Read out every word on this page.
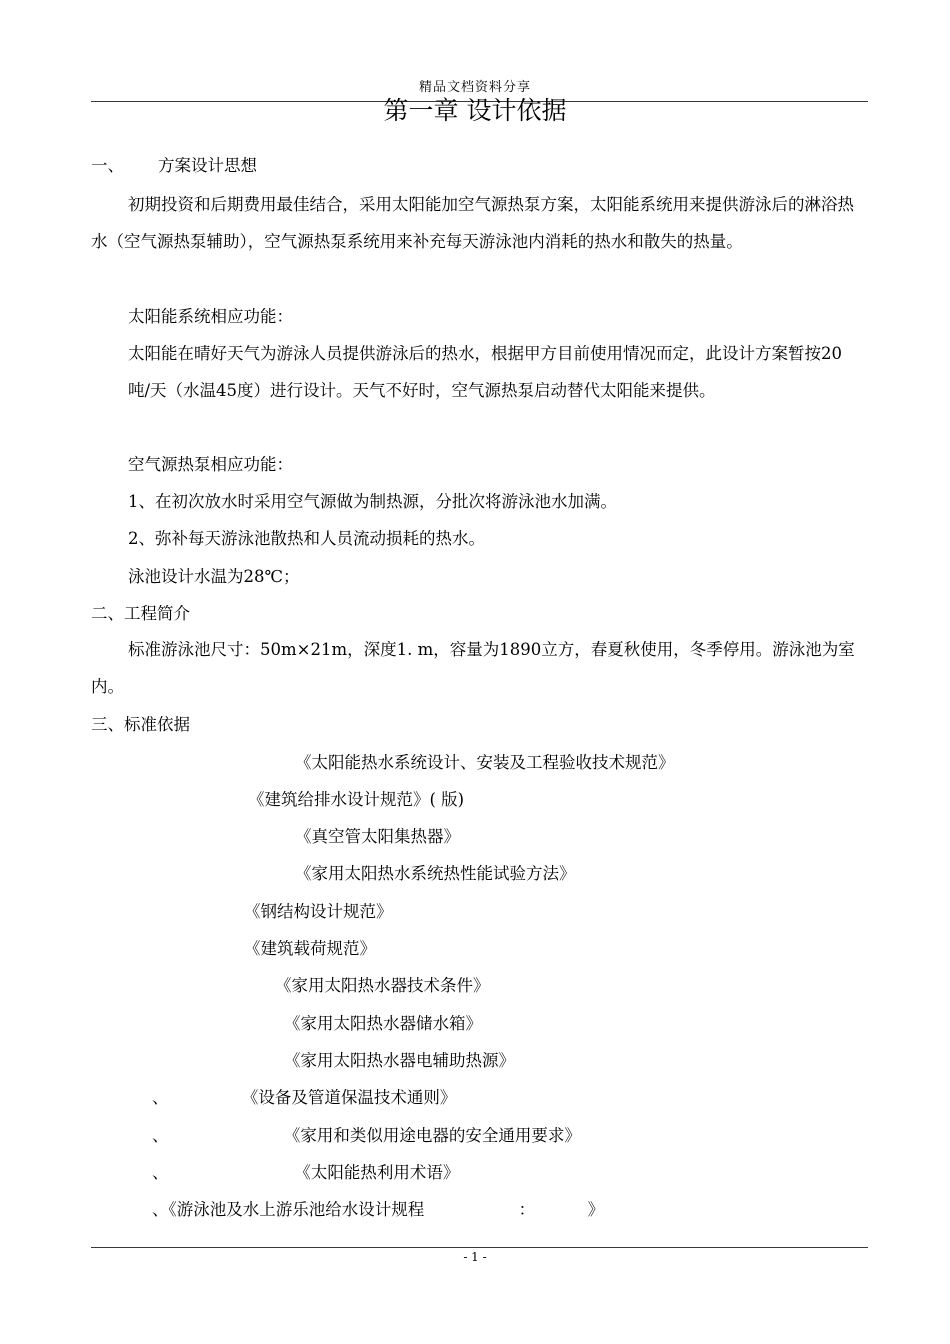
精品文档资料分享
第一章 设计依据
一、 方案设计思想
初期投资和后期费用最佳结合，采用太阳能加空气源热泵方案，太阳能系统用来提供游泳后的淋浴热水（空气源热泵辅助），空气源热泵系统用来补充每天游泳池内消耗的热水和散失的热量。
太阳能系统相应功能：
太阳能在晴好天气为游泳人员提供游泳后的热水，根据甲方目前使用情况而定，此设计方案暂按20吨/天（水温45度）进行设计。天气不好时，空气源热泵启动替代太阳能来提供。
空气源热泵相应功能：
1、在初次放水时采用空气源做为制热源，分批次将游泳池水加满。
2、弥补每天游泳池散热和人员流动损耗的热水。
泳池设计水温为28℃；
二、工程简介
标准游泳池尺寸：50m×21m，深度1. m，容量为1890立方，春夏秋使用，冬季停用。游泳池为室内。
三、标准依据
《太阳能热水系统设计、安装及工程验收技术规范》
《建筑给排水设计规范》( 版)
《真空管太阳集热器》
《家用太阳热水系统热性能试验方法》
《钢结构设计规范》
《建筑载荷规范》
《家用太阳热水器技术条件》
《家用太阳热水器储水箱》
《家用太阳热水器电辅助热源》
、              《设备及管道保温技术通则》
、                      《家用和类似用途电器的安全通用要求》
、                        《太阳能热利用术语》
、《游泳池及水上游乐池给水设计规程                  ：          》
- 1 -
